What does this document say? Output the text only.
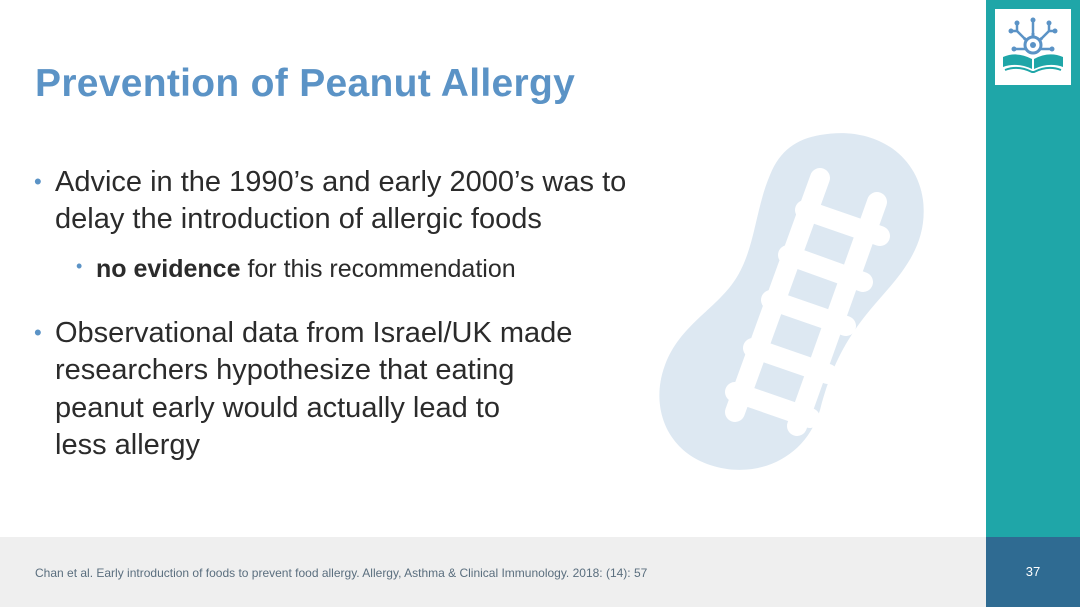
Prevention of Peanut Allergy
• Advice in the 1990’s and early 2000’s was to
delay the introduction of allergic foods
• no evidence for this recommendation
• Observational data from Israel/UK made
researchers hypothesize that eating
peanut early would actually lead to
less allergy
Chan et al. Early introduction of foods to prevent food allergy. Allergy, Asthma & Clinical Immunology. 2018: (14): 57	37
